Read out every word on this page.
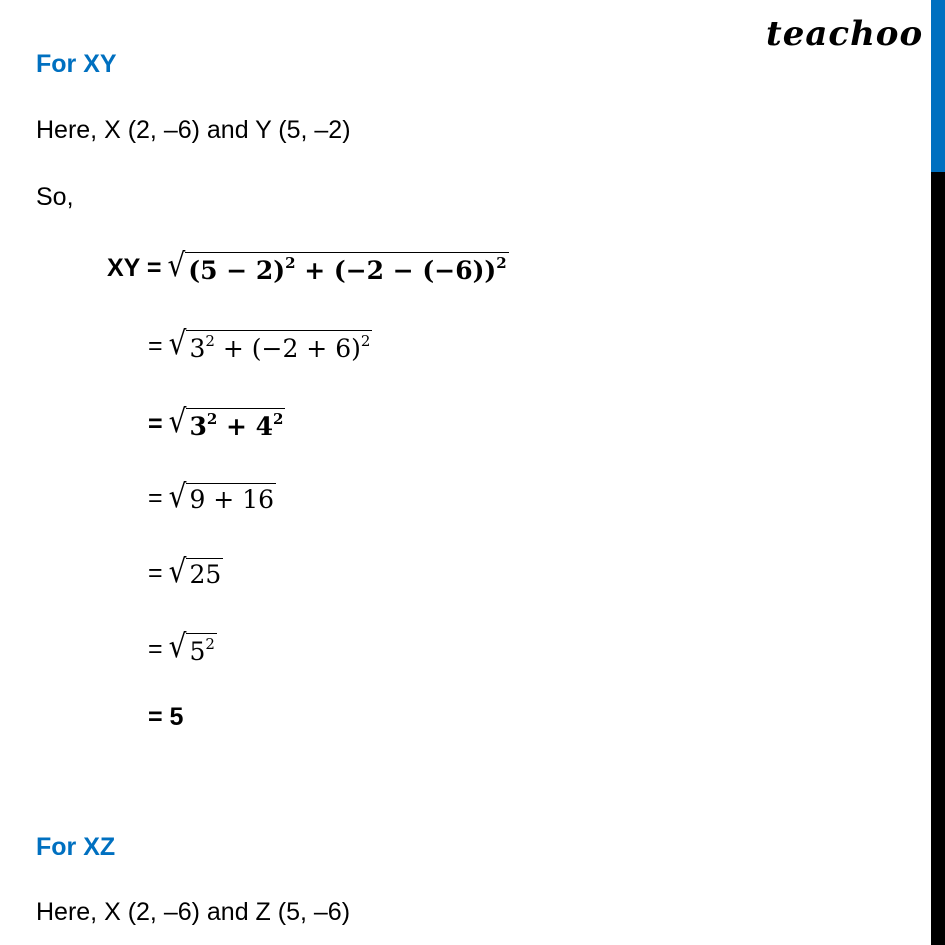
teachoo
For XY
Here, X (2, –6) and Y (5, –2)
So,
XY = √ $(5 - 2)^2 + (-2 - (-6))^2$
= √ $3^2 + (-2 + 6)^2$
= √ $3^2 + 4^2$
= √ 9 + 16
= √ 25
= √ $5^2$
= 5
For XZ
Here, X (2, –6) and Z (5, –6)
